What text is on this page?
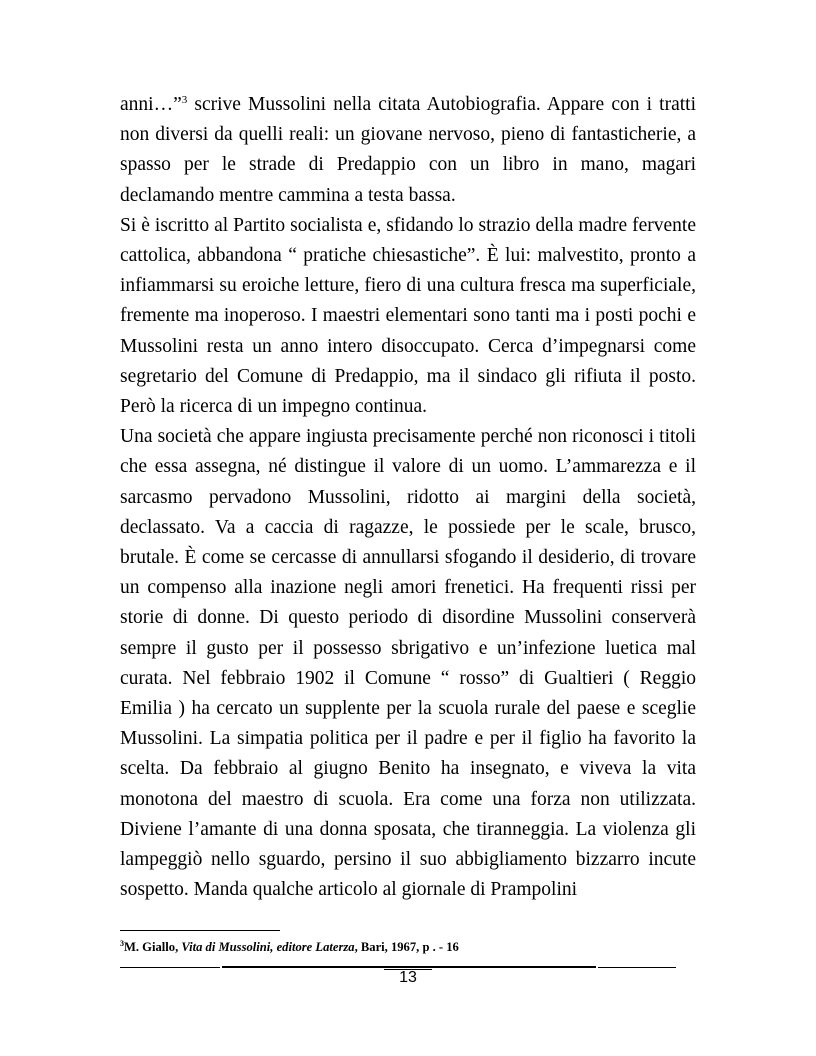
anni…”$^3$ scrive Mussolini nella citata Autobiografia. Appare con i tratti non diversi da quelli reali: un giovane nervoso, pieno di fantasticherie, a spasso per le strade di Predappio con un libro in mano, magari declamando mentre cammina a testa bassa.

Si è iscritto al Partito socialista e, sfidando lo strazio della madre fervente cattolica, abbandona “ pratiche chiesastiche”. È lui: malvestito, pronto a infiammarsi su eroiche letture, fiero di una cultura fresca ma superficiale, fremente ma inoperoso. I maestri elementari sono tanti ma i posti pochi e Mussolini resta un anno intero disoccupato. Cerca d’impegnarsi come segretario del Comune di Predappio, ma il sindaco gli rifiuta il posto. Però la ricerca di un impegno continua.

Una società che appare ingiusta precisamente perché non riconosci i titoli che essa assegna, né distingue il valore di un uomo. L’ammarezza e il sarcasmo pervadono Mussolini, ridotto ai margini della società, declassato. Va a caccia di ragazze, le possiede per le scale, brusco, brutale. È come se cercasse di annullarsi sfogando il desiderio, di trovare un compenso alla inazione negli amori frenetici. Ha frequenti rissi per storie di donne. Di questo periodo di disordine Mussolini conserverà sempre il gusto per il possesso sbrigativo e un’infezione luetica mal curata. Nel febbraio 1902 il Comune “ rosso” di Gualtieri ( Reggio Emilia ) ha cercato un supplente per la scuola rurale del paese e sceglie Mussolini. La simpatia politica per il padre e per il figlio ha favorito la scelta. Da febbraio al giugno Benito ha insegnato, e viveva la vita monotona del maestro di scuola. Era come una forza non utilizzata. Diviene l’amante di una donna sposata, che tiranneggia. La violenza gli lampeggiò nello sguardo, persino il suo abbigliamento bizzarro incute sospetto. Manda qualche articolo al giornale di Prampolini

$^3$M. Giallo, Vita di Mussolini, editore Laterza, Bari, 1967, p . - 16
13
